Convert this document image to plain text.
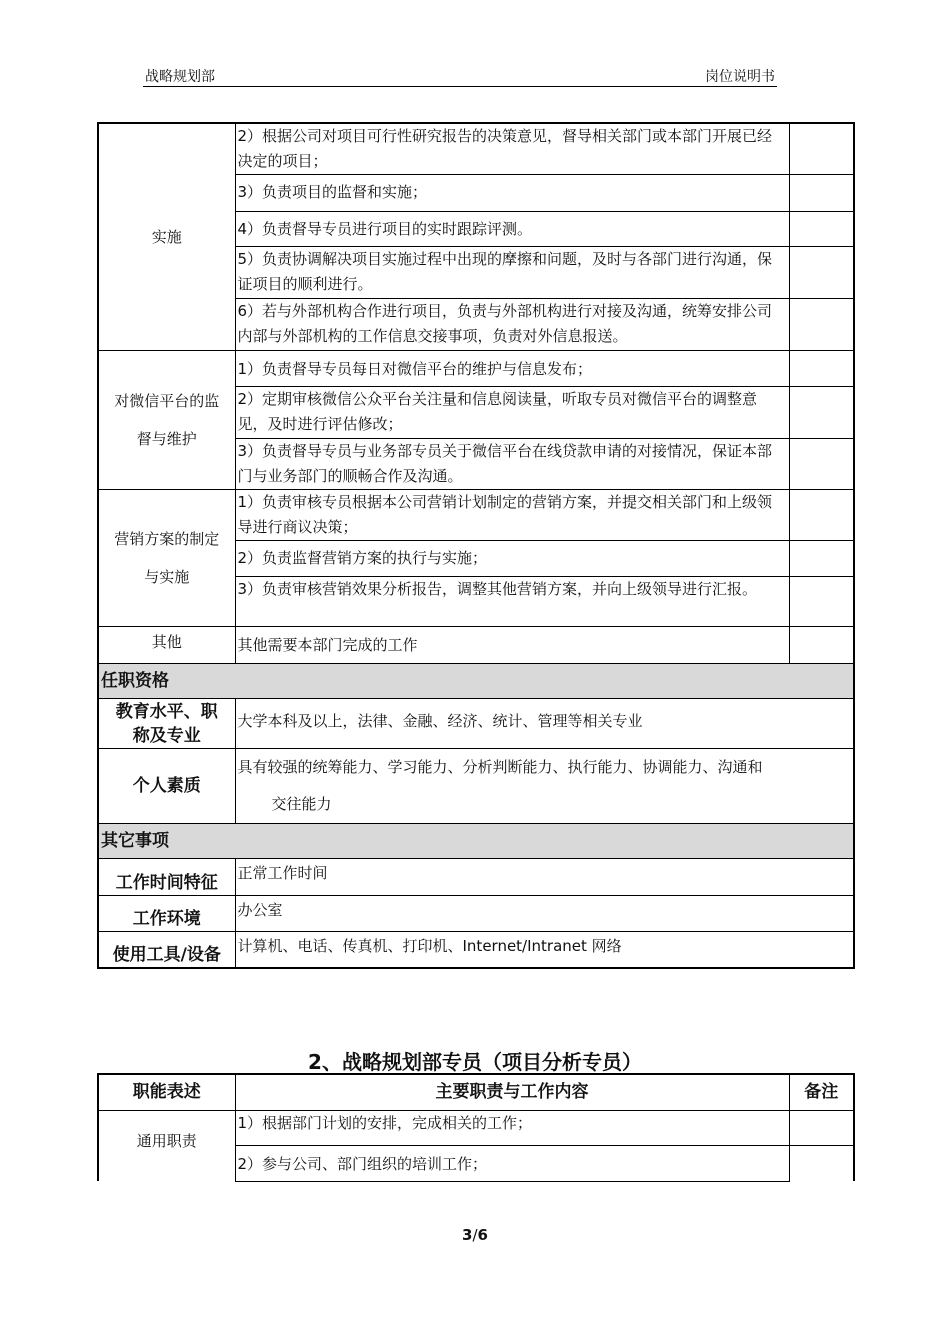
战略规划部	岗位说明书
实施	2）根据公司对项目可行性研究报告的决策意见，督导相关部门或本部门开展已经决定的项目；	
	3）负责项目的监督和实施；	
	4）负责督导专员进行项目的实时跟踪评测。	
	5）负责协调解决项目实施过程中出现的摩擦和问题，及时与各部门进行沟通，保证项目的顺利进行。	
	6）若与外部机构合作进行项目，负责与外部机构进行对接及沟通，统筹安排公司内部与外部机构的工作信息交接事项，负责对外信息报送。	

对微信平台的监
督与维护	1）负责督导专员每日对微信平台的维护与信息发布；	
	2）定期审核微信公众平台关注量和信息阅读量，听取专员对微信平台的调整意见，及时进行评估修改；	
	3）负责督导专员与业务部专员关于微信平台在线贷款申请的对接情况，保证本部门与业务部门的顺畅合作及沟通。	

营销方案的制定
与实施	1）负责审核专员根据本公司营销计划制定的营销方案，并提交相关部门和上级领导进行商议决策；	
	2）负责监督营销方案的执行与实施；	
	3）负责审核营销效果分析报告，调整其他营销方案，并向上级领导进行汇报。	
其他	其他需要本部门完成的工作	
任职资格		

教育水平、职
称及专业	大学本科及以上，法律、金融、经济、统计、管理等相关专业	
个人素质	具有较强的统筹能力、学习能力、分析判断能力、执行能力、协调能力、沟通和
交往能力	

其它事项		
工作时间特征	正常工作时间	
工作环境	办公室	
使用工具/设备	计算机、电话、传真机、打印机、Internet/Intranet 网络	
2、战略规划部专员（项目分析专员）
职能表述	主要职责与工作内容	备注
通用职责	1）根据部门计划的安排，完成相关的工作；	
	2）参与公司、部门组织的培训工作；	
3/6
